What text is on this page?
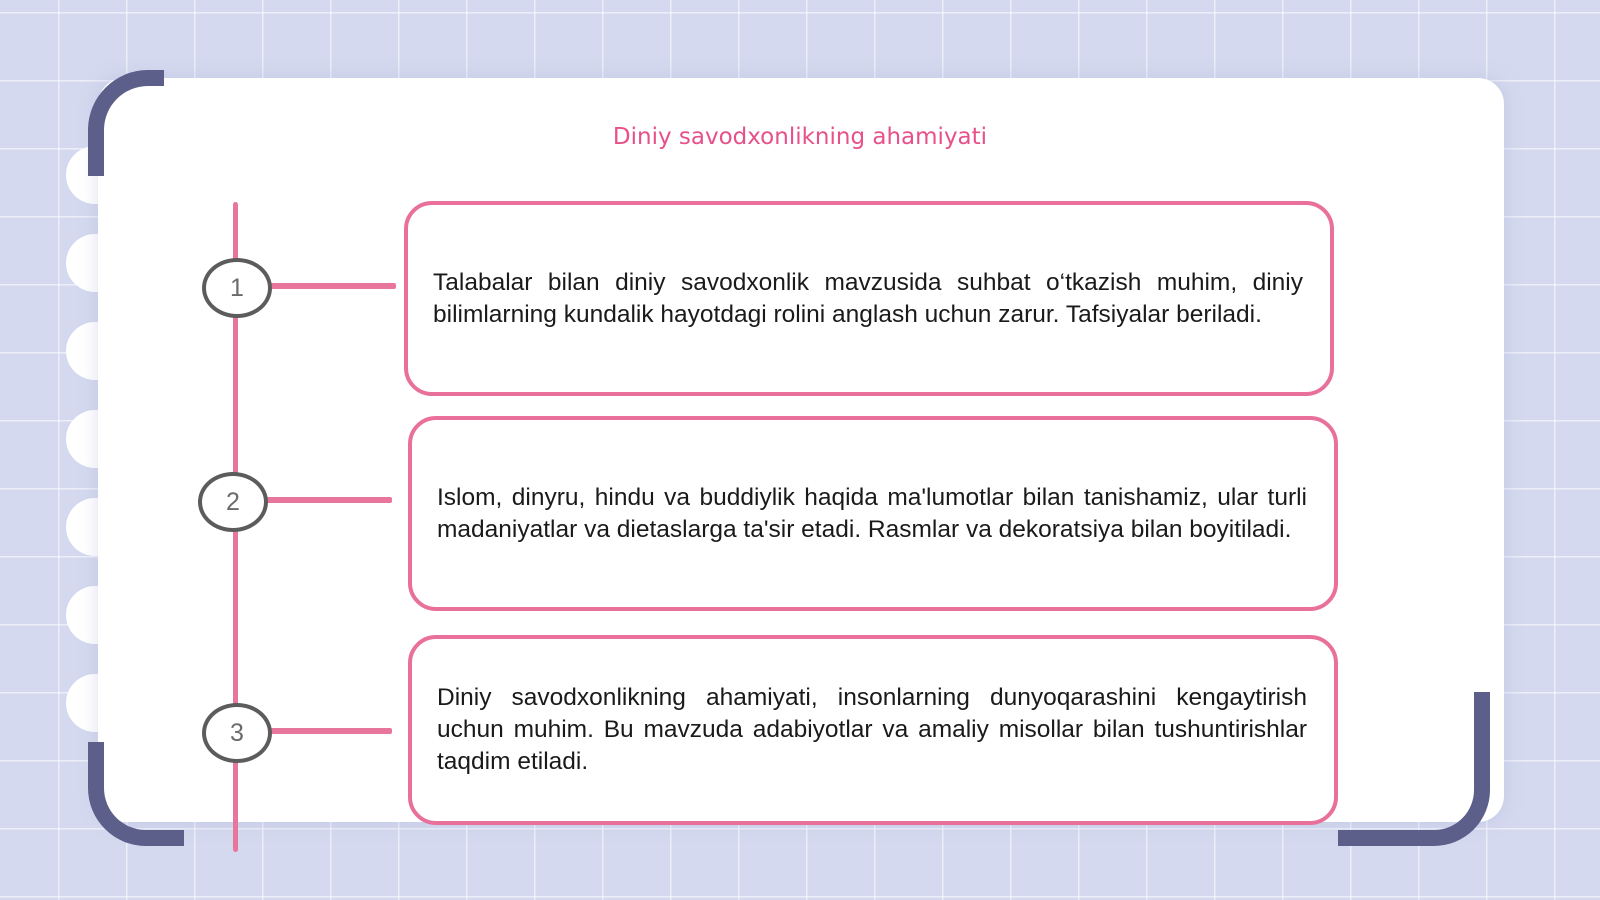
Diniy savodxonlikning ahamiyati
1	Talabalar bilan diniy savodxonlik mavzusida suhbat o‘tkazish muhim, diniy bilimlarning kundalik hayotdagi rolini anglash uchun zarur. Tafsiyalar beriladi.
2	Islom, dinyru, hindu va buddiylik haqida ma'lumotlar bilan tanishamiz, ular turli madaniyatlar va dietaslarga ta'sir etadi. Rasmlar va dekoratsiya bilan boyitiladi.
3
Diniy savodxonlikning ahamiyati, insonlarning dunyoqarashini kengaytirish uchun muhim. Bu mavzuda adabiyotlar va amaliy misollar bilan tushuntirishlar taqdim etiladi.
